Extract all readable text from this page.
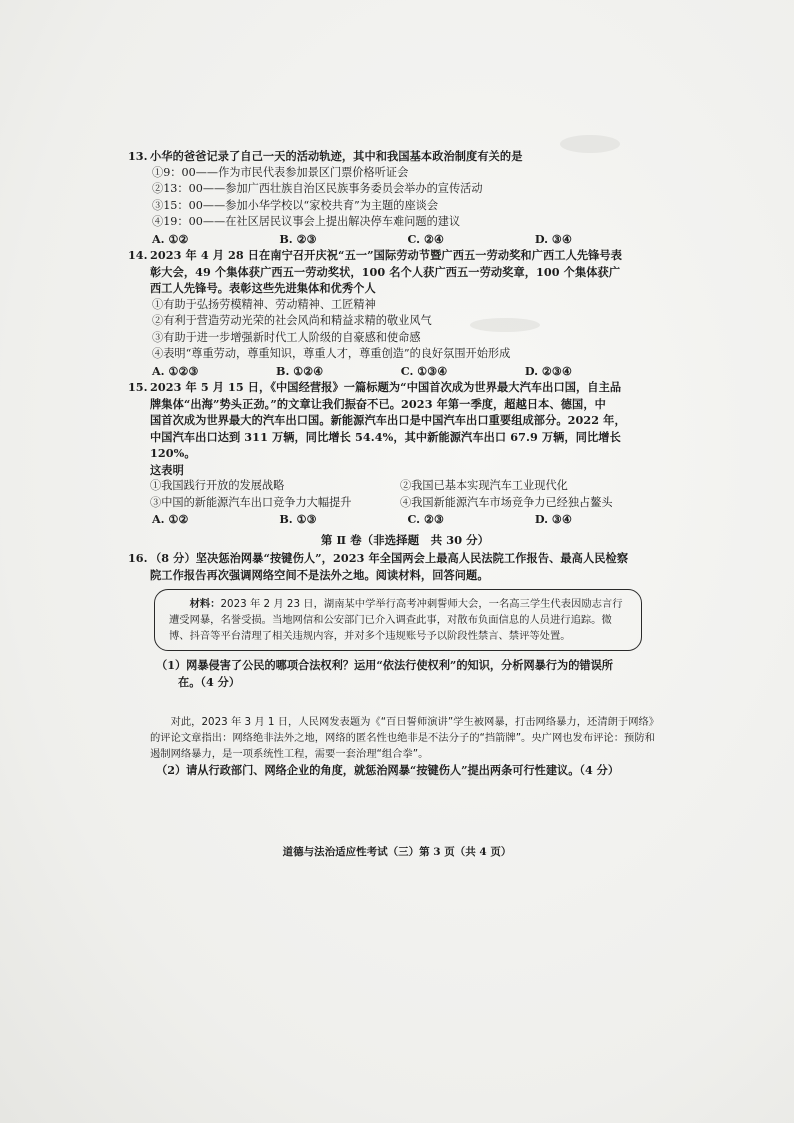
13. 小华的爸爸记录了自己一天的活动轨迹，其中和我国基本政治制度有关的是
①9：00——作为市民代表参加景区门票价格听证会
②13：00——参加广西壮族自治区民族事务委员会举办的宣传活动
③15：00——参加小华学校以“家校共育”为主题的座谈会
④19：00——在社区居民议事会上提出解决停车难问题的建议
A. ①②	B. ②③	C. ②④	D. ③④
14. 2023 年 4 月 28 日在南宁召开庆祝“五一”国际劳动节暨广西五一劳动奖和广西工人先锋号表
彰大会，49 个集体获广西五一劳动奖状，100 名个人获广西五一劳动奖章，100 个集体获广
西工人先锋号。表彰这些先进集体和优秀个人
①有助于弘扬劳模精神、劳动精神、工匠精神
②有利于营造劳动光荣的社会风尚和精益求精的敬业风气
③有助于进一步增强新时代工人阶级的自豪感和使命感
④表明“尊重劳动，尊重知识，尊重人才，尊重创造”的良好氛围开始形成
A. ①②③	B. ①②④	C. ①③④	D. ②③④
15. 2023 年 5 月 15 日，《中国经营报》一篇标题为“中国首次成为世界最大汽车出口国，自主品
牌集体“出海”势头正劲。”的文章让我们振奋不已。2023 年第一季度，超越日本、德国，中
国首次成为世界最大的汽车出口国。新能源汽车出口是中国汽车出口重要组成部分。2022 年，
中国汽车出口达到 311 万辆，同比增长 54.4%，其中新能源汽车出口 67.9 万辆，同比增长 120%。
这表明
①我国践行开放的发展战略	②我国已基本实现汽车工业现代化
③中国的新能源汽车出口竞争力大幅提升	④我国新能源汽车市场竞争力已经独占鳌头
A. ①②	B. ①③	C. ②③	D. ③④
第 Ⅱ 卷（非选择题　共 30 分）
16. （8 分）坚决惩治网暴“按键伤人”，2023 年全国两会上最高人民法院工作报告、最高人民检察
院工作报告再次强调网络空间不是法外之地。阅读材料，回答问题。
材料：2023 年 2 月 23 日，湖南某中学举行高考冲刺誓师大会，一名高三学生代表因励志言行遭受网暴，名誉受损。当地网信和公安部门已介入调查此事，对散布负面信息的人员进行追踪。微博、抖音等平台清理了相关违规内容，并对多个违规账号予以阶段性禁言、禁评等处置。
（1）网暴侵害了公民的哪项合法权利？运用“依法行使权利”的知识，分析网暴行为的错误所
在。（4 分）
对此，2023 年 3 月 1 日，人民网发表题为《“百日誓师演讲”学生被网暴，打击网络暴力，还清朗于网络》的评论文章指出：网络绝非法外之地，网络的匿名性也绝非是不法分子的“挡箭牌”。央广网也发布评论：预防和遏制网络暴力，是一项系统性工程，需要一套治理“组合拳”。
（2）请从行政部门、网络企业的角度，就惩治网暴“按键伤人”提出两条可行性建议。（4 分）
道德与法治适应性考试（三）第 3 页（共 4 页）
